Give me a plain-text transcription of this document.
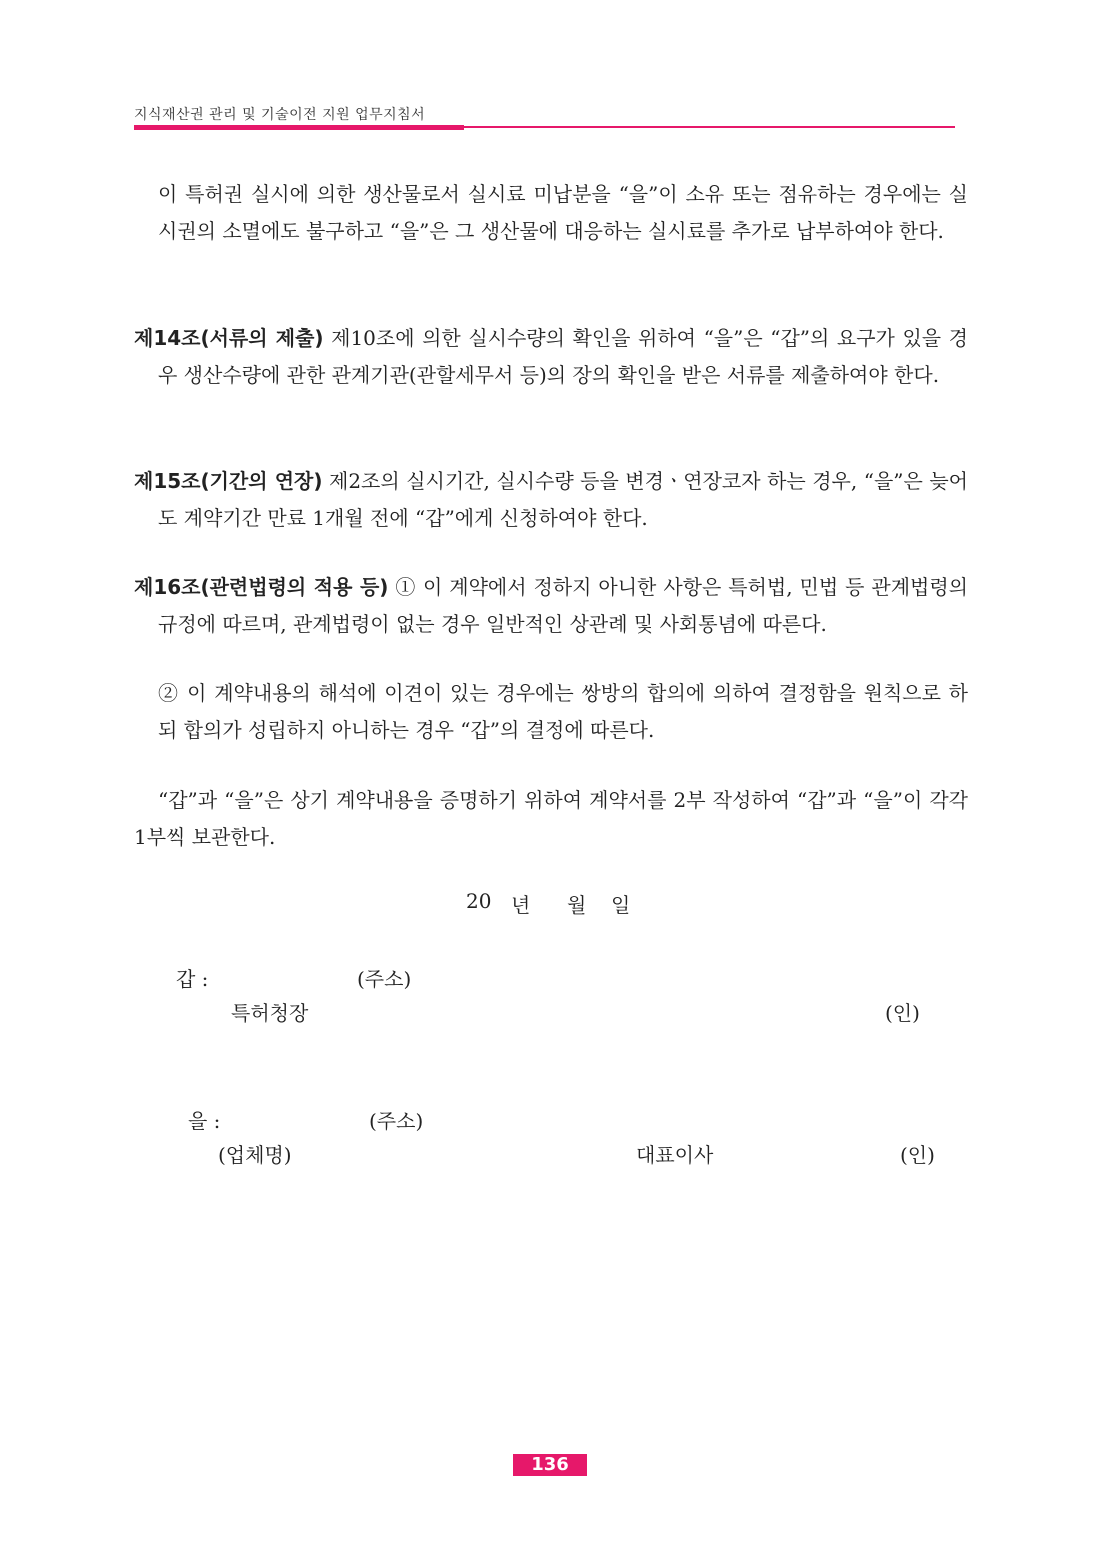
지식재산권 관리 및 기술이전 지원 업무지침서

이 특허권 실시에 의한 생산물로서 실시료 미납분을 “을”이 소유 또는 점유하는 경우에는 실시권의 소멸에도 불구하고 “을”은 그 생산물에 대응하는 실시료를 추가로 납부하여야 한다.

제14조(서류의 제출) 제10조에 의한 실시수량의 확인을 위하여 “을”은 “갑”의 요구가 있을 경우 생산수량에 관한 관계기관(관할세무서 등)의 장의 확인을 받은 서류를 제출하여야 한다.

제15조(기간의 연장) 제2조의 실시기간, 실시수량 등을 변경ㆍ연장코자 하는 경우, “을”은 늦어도 계약기간 만료 1개월 전에 “갑”에게 신청하여야 한다.

제16조(관련법령의 적용 등) ① 이 계약에서 정하지 아니한 사항은 특허법, 민법 등 관계법령의 규정에 따르며, 관계법령이 없는 경우 일반적인 상관례 및 사회통념에 따른다.

② 이 계약내용의 해석에 이견이 있는 경우에는 쌍방의 합의에 의하여 결정함을 원칙으로 하되 합의가 성립하지 아니하는 경우 “갑”의 결정에 따른다.

“갑”과 “을”은 상기 계약내용을 증명하기 위하여 계약서를 2부 작성하여 “갑”과 “을”이 각각 1부씩 보관한다.

20 년 월 일
갑 :	(주소)
특허청장	(인)
을 :	(주소)
(업체명)	대표이사	(인)
136
